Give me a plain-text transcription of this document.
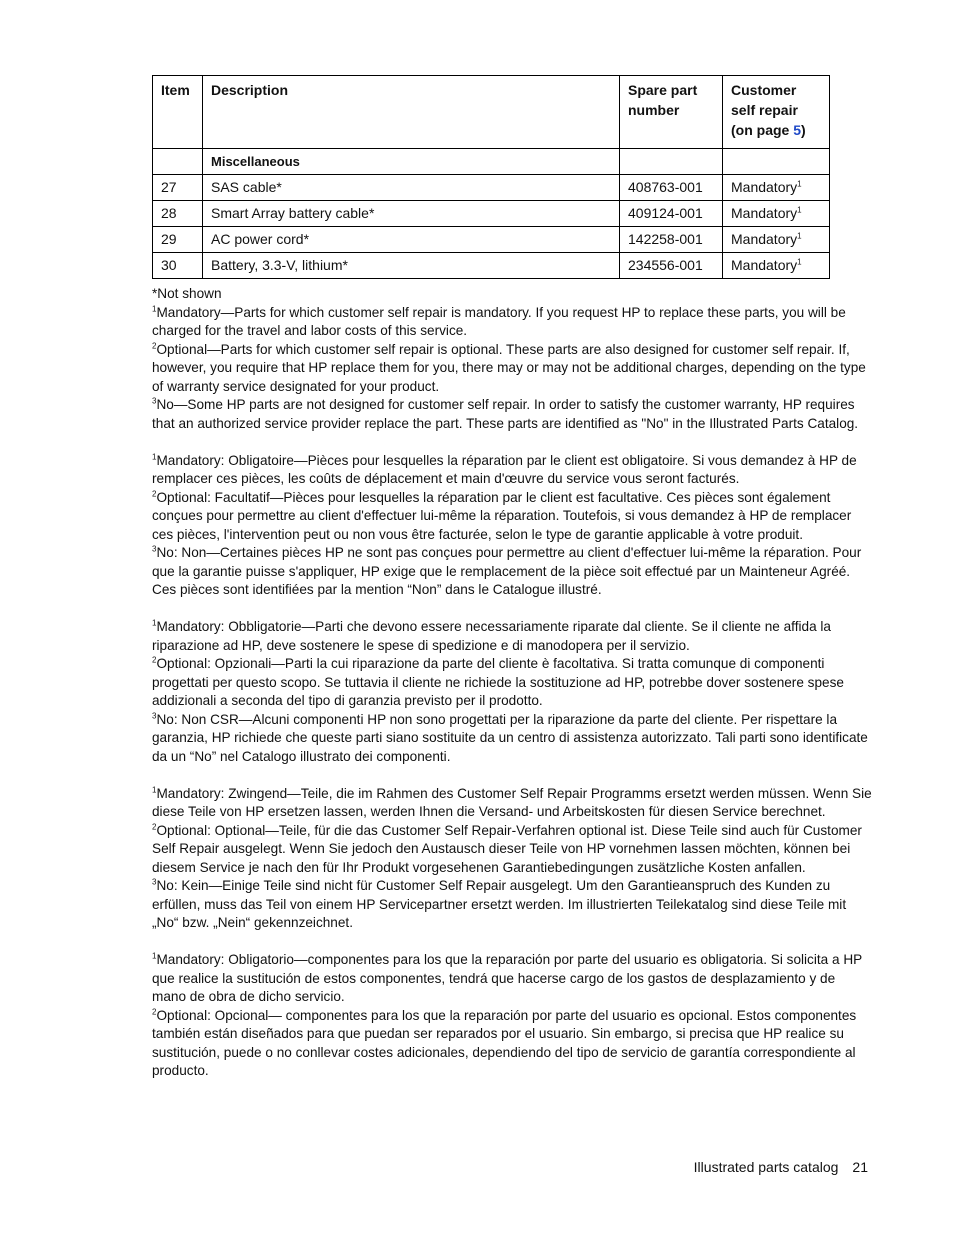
Item	Description	Spare part number	Customer self repair (on page 5)
	Miscellaneous		
27	SAS cable*	408763-001	Mandatory$^1$
28	Smart Array battery cable*	409124-001	Mandatory$^1$
29	AC power cord*	142258-001	Mandatory$^1$
30	Battery, 3.3-V, lithium*	234556-001	Mandatory$^1$

*Not shown

$^1$Mandatory—Parts for which customer self repair is mandatory. If you request HP to replace these parts, you will be charged for the travel and labor costs of this service.

$^2$Optional—Parts for which customer self repair is optional. These parts are also designed for customer self repair. If, however, you require that HP replace them for you, there may or may not be additional charges, depending on the type of warranty service designated for your product.

$^3$No—Some HP parts are not designed for customer self repair. In order to satisfy the customer warranty, HP requires that an authorized service provider replace the part. These parts are identified as "No" in the Illustrated Parts Catalog.

$^1$Mandatory: Obligatoire—Pièces pour lesquelles la réparation par le client est obligatoire. Si vous demandez à HP de remplacer ces pièces, les coûts de déplacement et main d'œuvre du service vous seront facturés.

$^2$Optional: Facultatif—Pièces pour lesquelles la réparation par le client est facultative. Ces pièces sont également conçues pour permettre au client d'effectuer lui-même la réparation. Toutefois, si vous demandez à HP de remplacer ces pièces, l'intervention peut ou non vous être facturée, selon le type de garantie applicable à votre produit.

$^3$No: Non—Certaines pièces HP ne sont pas conçues pour permettre au client d'effectuer lui-même la réparation. Pour que la garantie puisse s'appliquer, HP exige que le remplacement de la pièce soit effectué par un Mainteneur Agréé. Ces pièces sont identifiées par la mention “Non” dans le Catalogue illustré.

$^1$Mandatory: Obbligatorie—Parti che devono essere necessariamente riparate dal cliente. Se il cliente ne affida la riparazione ad HP, deve sostenere le spese di spedizione e di manodopera per il servizio.

$^2$Optional: Opzionali—Parti la cui riparazione da parte del cliente è facoltativa. Si tratta comunque di componenti progettati per questo scopo. Se tuttavia il cliente ne richiede la sostituzione ad HP, potrebbe dover sostenere spese addizionali a seconda del tipo di garanzia previsto per il prodotto.

$^3$No: Non CSR—Alcuni componenti HP non sono progettati per la riparazione da parte del cliente. Per rispettare la garanzia, HP richiede che queste parti siano sostituite da un centro di assistenza autorizzato. Tali parti sono identificate da un “No” nel Catalogo illustrato dei componenti.

$^1$Mandatory: Zwingend—Teile, die im Rahmen des Customer Self Repair Programms ersetzt werden müssen. Wenn Sie diese Teile von HP ersetzen lassen, werden Ihnen die Versand- und Arbeitskosten für diesen Service berechnet.

$^2$Optional: Optional—Teile, für die das Customer Self Repair-Verfahren optional ist. Diese Teile sind auch für Customer Self Repair ausgelegt. Wenn Sie jedoch den Austausch dieser Teile von HP vornehmen lassen möchten, können bei diesem Service je nach den für Ihr Produkt vorgesehenen Garantiebedingungen zusätzliche Kosten anfallen.

$^3$No: Kein—Einige Teile sind nicht für Customer Self Repair ausgelegt. Um den Garantieanspruch des Kunden zu erfüllen, muss das Teil von einem HP Servicepartner ersetzt werden. Im illustrierten Teilekatalog sind diese Teile mit „No“ bzw. „Nein“ gekennzeichnet.

$^1$Mandatory: Obligatorio—componentes para los que la reparación por parte del usuario es obligatoria. Si solicita a HP que realice la sustitución de estos componentes, tendrá que hacerse cargo de los gastos de desplazamiento y de mano de obra de dicho servicio.

$^2$Optional: Opcional— componentes para los que la reparación por parte del usuario es opcional. Estos componentes también están diseñados para que puedan ser reparados por el usuario. Sin embargo, si precisa que HP realice su sustitución, puede o no conllevar costes adicionales, dependiendo del tipo de servicio de garantía correspondiente al producto.

Illustrated parts catalog 21
